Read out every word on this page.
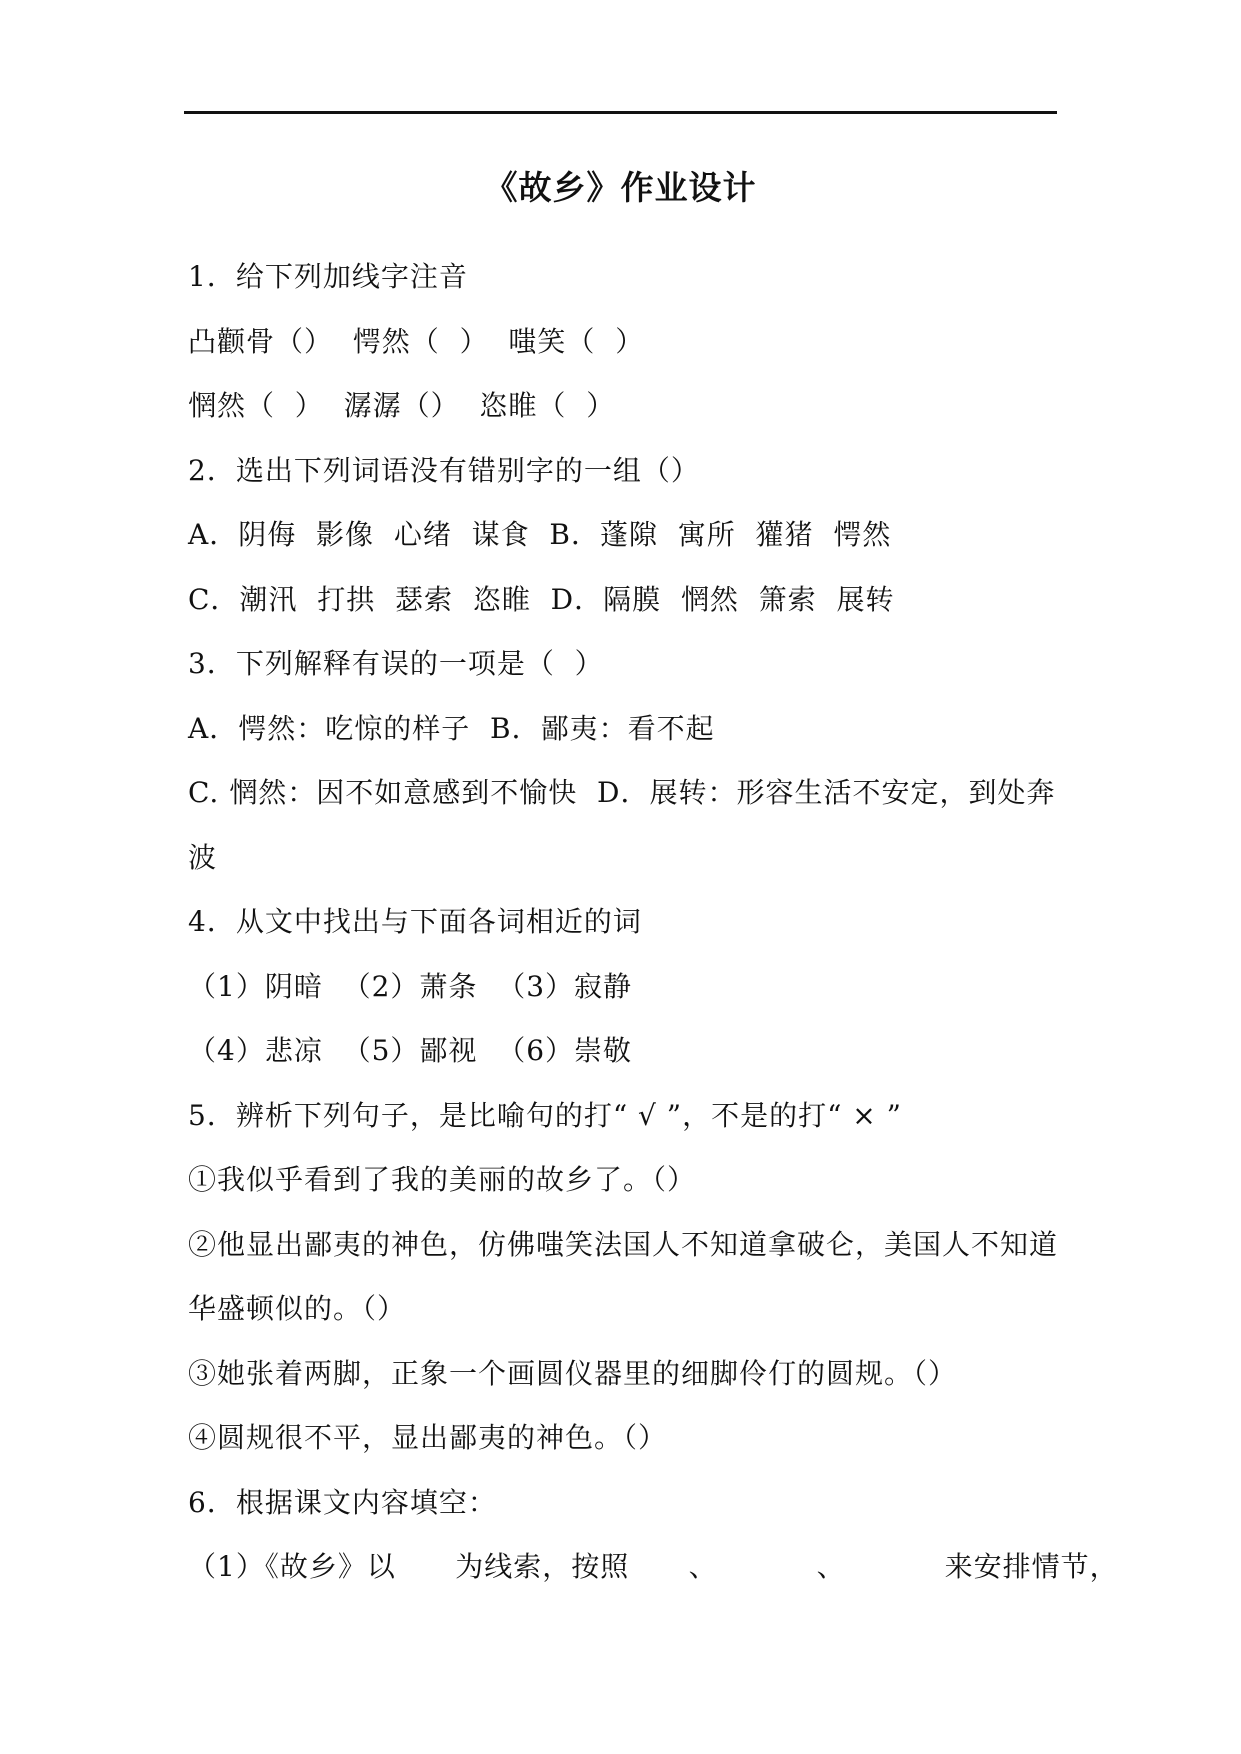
《故乡》作业设计
1．给下列加线字注音
凸颧骨（）  愕然（  ）  嗤笑（  ）
惘然（  ）  潺潺（）  恣睢（  ）
2．选出下列词语没有错别字的一组（）
A．阴侮  影像  心绪  谋食  B．蓬隙  寓所  獾猪  愕然
C．潮汛  打拱  瑟索  恣睢  D．隔膜  惘然  箫索  展转
3．下列解释有误的一项是（  ）
A．愕然：吃惊的样子  B．鄙夷：看不起
C. 惘然：因不如意感到不愉快  D．展转：形容生活不安定，到处奔
波
4．从文中找出与下面各词相近的词
（1）阴暗  （2）萧条  （3）寂静
（4）悲凉  （5）鄙视  （6）崇敬
5．辨析下列句子，是比喻句的打“ √ ”，不是的打“ × ”
①我似乎看到了我的美丽的故乡了。（）
②他显出鄙夷的神色，仿佛嗤笑法国人不知道拿破仑，美国人不知道
华盛顿似的。（）
③她张着两脚，正象一个画圆仪器里的细脚伶仃的圆规。（）
④圆规很不平，显出鄙夷的神色。（）
6．根据课文内容填空：
（1）《故乡》以      为线索，按照      、          、          来安排情节，
